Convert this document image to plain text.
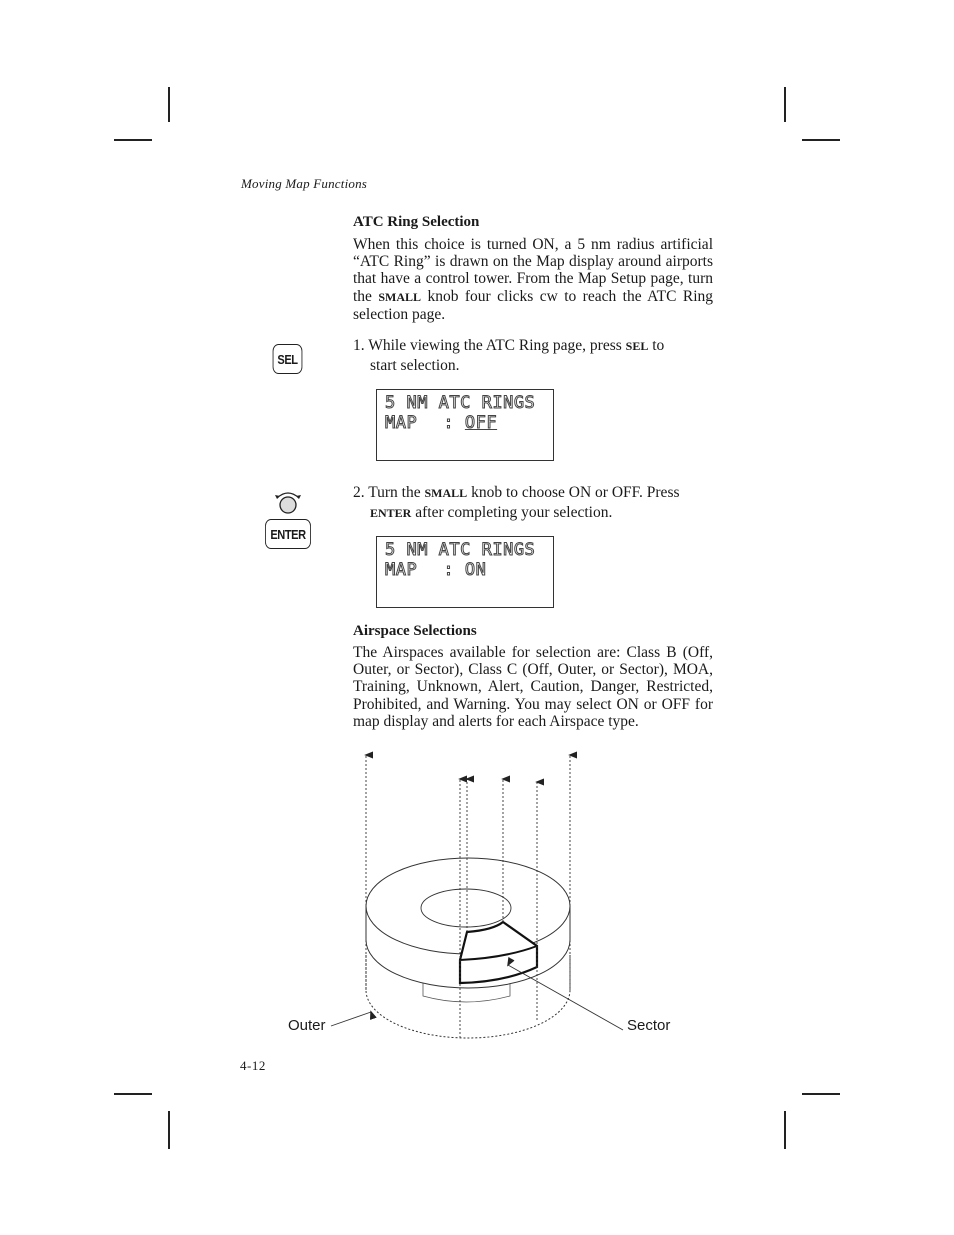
Moving Map Functions
ATC Ring Selection
When this choice is turned ON, a 5 nm radius artificial “ATC Ring” is drawn on the Map display around airports that have a control tower. From the Map Setup page, turn the SMALL knob four clicks cw to reach the ATC Ring selection page.
SEL
1. While viewing the ATC Ring page, press SEL to
start selection.
5 NM ATC RINGS
MAP   : OFF
ENTER
2. Turn the SMALL knob to choose ON or OFF. Press
ENTER after completing your selection.
5 NM ATC RINGS
MAP   : ON
Airspace Selections
The Airspaces available for selection are: Class B (Off, Outer, or Sector), Class C (Off, Outer, or Sector), MOA, Training, Unknown, Alert, Caution, Danger, Restricted, Prohibited, and Warning. You may select ON or OFF for map display and alerts for each Airspace type.
Outer	Sector
4-12
